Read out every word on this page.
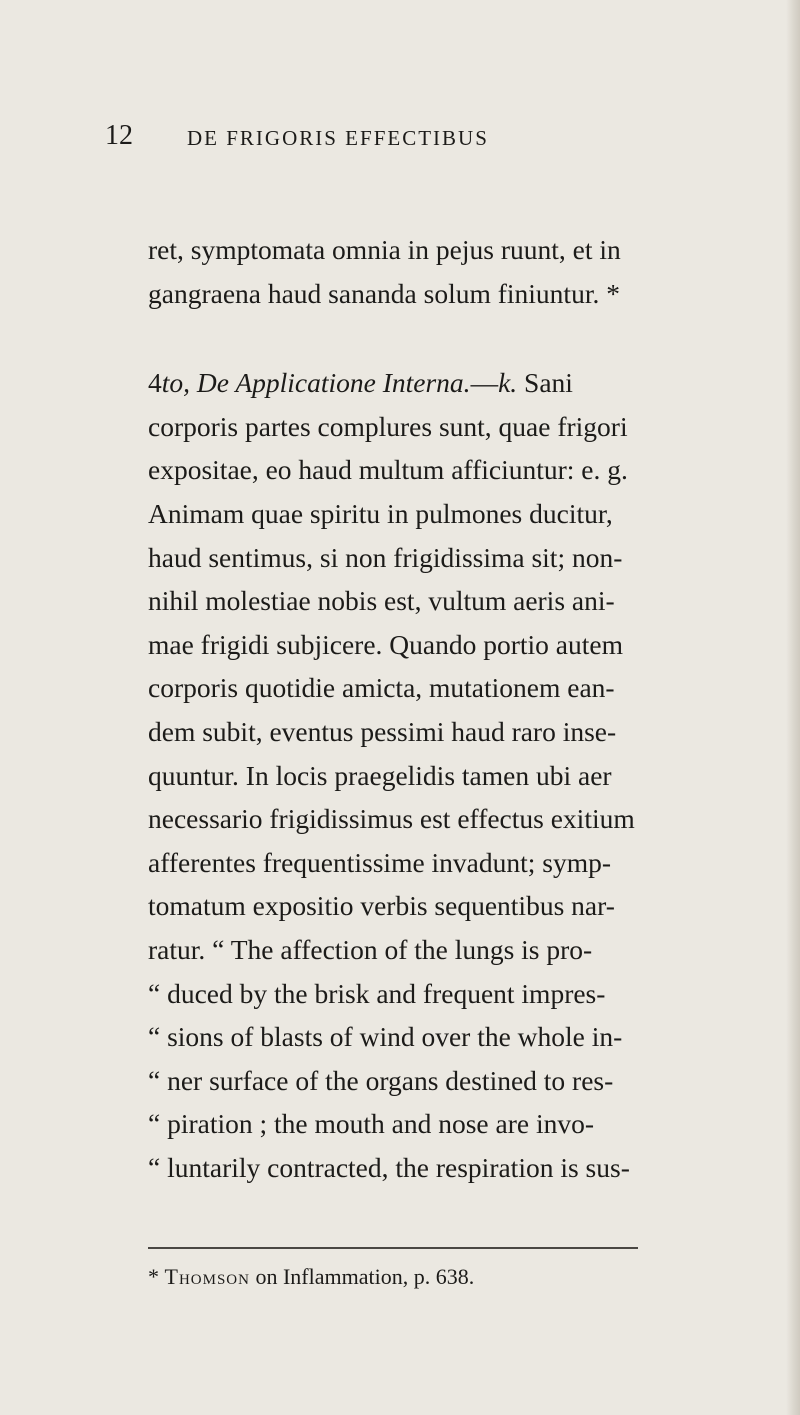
12	DE FRIGORIS EFFECTIBUS
ret, symptomata omnia in pejus ruunt, et in
gangraena haud sananda solum finiuntur. *
4to, De Applicatione Interna.—k. Sani
corporis partes complures sunt, quae frigori
expositae, eo haud multum afficiuntur: e. g.
Animam quae spiritu in pulmones ducitur,
haud sentimus, si non frigidissima sit; non-
nihil molestiae nobis est, vultum aeris ani-
mae frigidi subjicere. Quando portio autem
corporis quotidie amicta, mutationem ean-
dem subit, eventus pessimi haud raro inse-
quuntur. In locis praegelidis tamen ubi aer
necessario frigidissimus est effectus exitium
afferentes frequentissime invadunt; symp-
tomatum expositio verbis sequentibus nar-
ratur. “ The affection of the lungs is pro-
“ duced by the brisk and frequent impres-
“ sions of blasts of wind over the whole in-
“ ner surface of the organs destined to res-
“ piration ; the mouth and nose are invo-
“ luntarily contracted, the respiration is sus-
* Thomson on Inflammation, p. 638.
